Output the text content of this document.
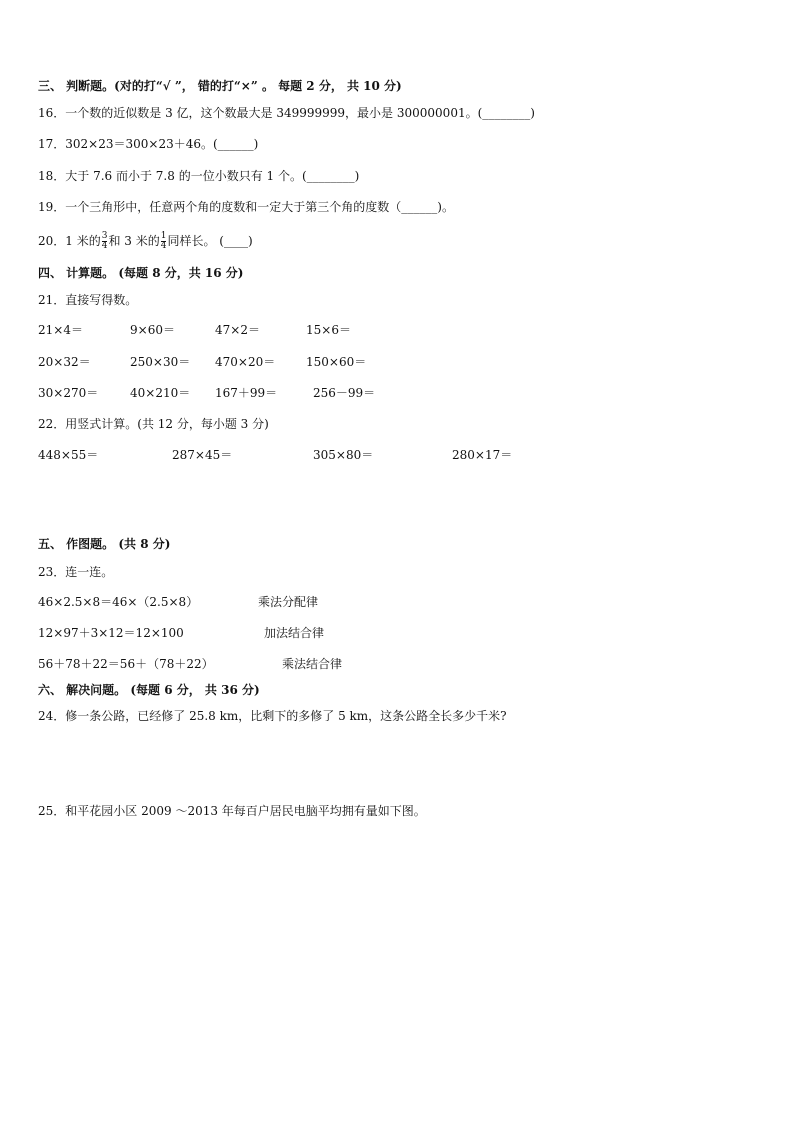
三、 判断题。(对的打“√ ”， 错的打“×” 。 每题 2 分， 共 10 分)
16．一个数的近似数是 3 亿，这个数最大是 349999999，最小是 300000001。(________)
17．302×23＝300×23＋46。(______)
18．大于 7.6 而小于 7.8 的一位小数只有 1 个。(________)
19．一个三角形中，任意两个角的度数和一定大于第三个角的度数（______)。
20．1 米的 $\frac{3}{4}$ 和 3 米的 $\frac{1}{4}$ 同样长。 (____)
四、 计算题。 (每题 8 分，共 16 分)
21．直接写得数。
21×4＝	9×60＝	47×2＝	15×6＝
20×32＝	250×30＝ 470×20＝	150×60＝
30×270＝	40×210＝ 167＋99＝	256－99＝
22．用竖式计算。(共 12 分，每小题 3 分)
448×55＝	287×45＝	305×80＝	280×17＝
五、 作图题。 (共 8 分)
23．连一连。
46×2.5×8＝46×（2.5×8）	乘法分配律
12×97＋3×12＝12×100	加法结合律
56＋78＋22＝56＋（78＋22）	乘法结合律
六、 解决问题。 (每题 6 分， 共 36 分)
24．修一条公路，已经修了 25.8 km，比剩下的多修了 5 km，这条公路全长多少千米?
25．和平花园小区 2009 ～2013 年每百户居民电脑平均拥有量如下图。
